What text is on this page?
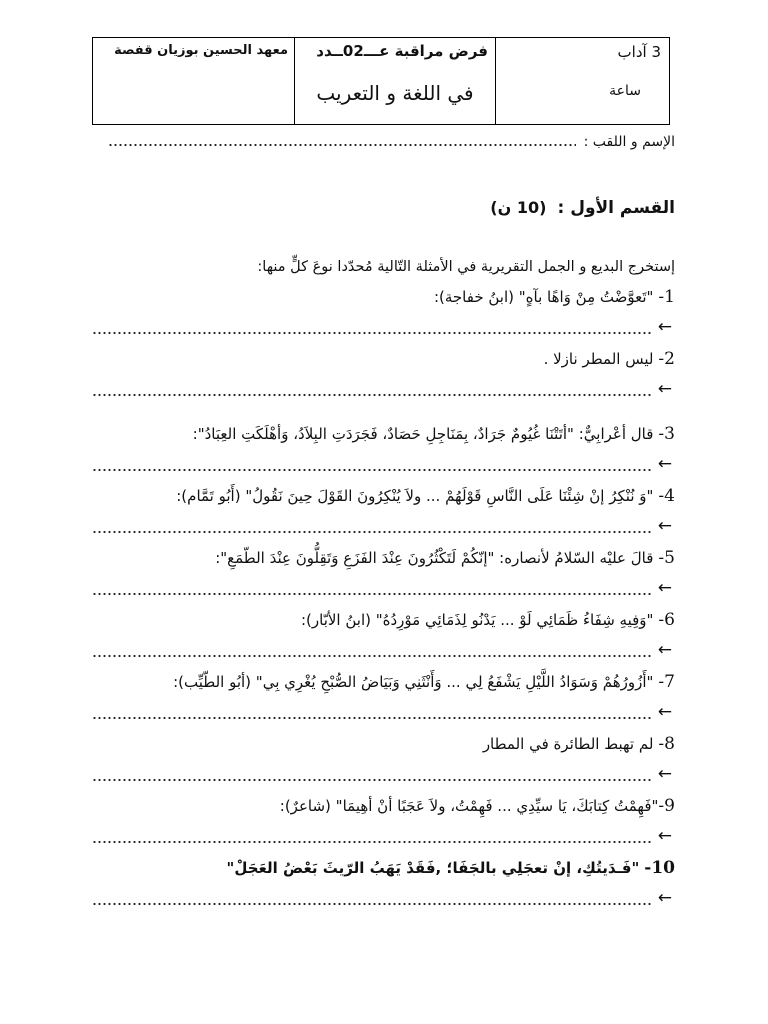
3 آداب
ساعة
فرض مراقبة عـــ02ــدد
في اللغة و التعريب
معهد الحسين بوزيان قفصة
الإسم و اللقب :
القسم الأول : (10 ن)
إستخرج البديع و الجمل التقريرية في الأمثلة التّالية مُحدّدا نوعَ كلٍّ منها:
1-"تَعوَّضْتُ مِنْ وَاهًا بآهٍ" (ابنُ خفاجة):
←
2-ليس المطر نازلا .
←
3-قال أعْرابِيٌّ: "أتَتْنَا غُيُومٌ جَرَادٌ، بِمَنَاجِلِ حَصَادٌ، فَجَرَدَتِ البِلاَدُ، وَأهْلَكَتِ العِبَادُ":
←
4-"وَ نُنْكِرُ إنْ شِئْنَا عَلَى النَّاسِ قَوْلَهُمْ ... ولاَ يُنْكِرُونَ القَوْلَ حِينَ نَقُولُ" (أَبُو تَمَّام):
←
5-قالَ عليْه السّلامُ لأنصاره: "إنّكُمْ لَتَكْثُرُونَ عِنْدَ الفَزَعِ وَتَقِلُّونَ عِنْدَ الطّمَعِ":
←
6-"وَفِيهِ شِفَاءُ ظَمَائِي لَوْ ... يَدْنُو لِذَمَائِي مَوْرِدُهُ" (ابنُ الأبّار):
←
7-"أَزُورُهُمْ وَسَوَادُ اللَّيْلِ يَشْفَعُ لِي ... وَأَنْثَنِي وَبَيَاضُ الصُّبْحِ يُغْرِي بِي" (أبُو الطّيِّب):
←
8-لم تهبط الطائرة في المطار
←
9-"فَهِمْتُ كِتابَكَ، يَا سيِّدِي ... فَهِمْتُ، ولاَ عَجَبًا أنْ أهِيمَا" (شاعرٌ):
←
10-"فَـدَيتُكِ، إنْ تعجَلِي بالجَفَا؛ ,فَقَدْ يَهَبُ الرّيثَ بَعْضُ العَجَلْ"
←
